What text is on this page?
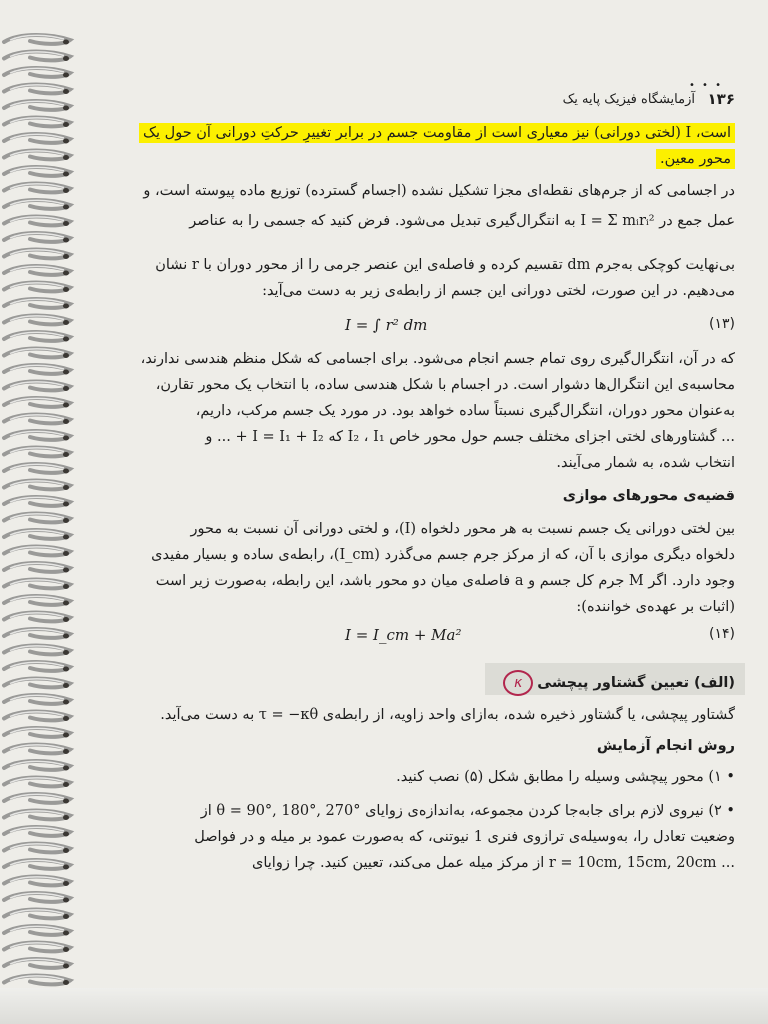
• • •
۱۳۶
آزمایشگاه فیزیک پایه یک
است، I (لختی دورانی) نیز معیاری است از مقاومت جسم در برابر تغییرِ حرکتِ دورانی آن حول یک
محور معین.
در اجسامی که از جرم‌های نقطه‌ای مجزا تشکیل نشده (اجسام گسترده) توزیع ماده پیوسته است، و
عمل جمع در I = Σ mᵢrᵢ² به انتگرال‌گیری تبدیل می‌شود. فرض کنید که جسمی را به عناصر
بی‌نهایت کوچکی به‌جرم dm تقسیم کرده و فاصله‌ی این عنصر جرمی را از محور دوران با r نشان
می‌دهیم. در این صورت، لختی دورانی این جسم از رابطه‌ی زیر به دست می‌آید:
(۱۳)
I = ∫ r² dm
که در آن، انتگرال‌گیری روی تمام جسم انجام می‌شود. برای اجسامی که شکل منظم هندسی ندارند،
محاسبه‌ی این انتگرال‌ها دشوار است. در اجسام با شکل هندسی ساده، با انتخاب یک محور تقارن،
به‌عنوان محور دوران، انتگرال‌گیری نسبتاً ساده خواهد بود. در مورد یک جسم مرکب، داریم،
... گشتاورهای لختی اجزای مختلف جسم حول محور خاص I₂ ، I₁ که I = I₁ + I₂ + ... و
انتخاب شده، به شمار می‌آیند.
قضیه‌ی محورهای موازی
بین لختی دورانی یک جسم نسبت به هر محور دلخواه (I)، و لختی دورانی آن نسبت به محور
دلخواه دیگری موازی با آن، که از مرکز جرم جسم می‌گذرد (I_cm)، رابطه‌ی ساده و بسیار مفیدی
وجود دارد. اگر M جرم کل جسم و a فاصله‌ی میان دو محور باشد، این رابطه، به‌صورت زیر است
(اثبات بر عهده‌ی خواننده):
(۱۴)
I = I_cm + Ma²
(الف) تعیین گشتاور پیچشیκ
گشتاور پیچشی، یا گشتاور ذخیره شده، به‌ازای واحد زاویه، از رابطه‌ی τ = −κθ به دست می‌آید.
روش انجام آزمایش
• ۱) محور پیچشی وسیله را مطابق شکل (۵) نصب کنید.
• ۲) نیروی لازم برای جابه‌جا کردن مجموعه، به‌اندازه‌ی زوایای θ = 90°, 180°, 270° از
وضعیت تعادل را، به‌وسیله‌ی ترازوی فنری 1 نیوتنی، که به‌صورت عمود بر میله و در فواصل
... r = 10cm, 15cm, 20cm از مرکز میله عمل می‌کند، تعیین کنید. چرا زوایای
